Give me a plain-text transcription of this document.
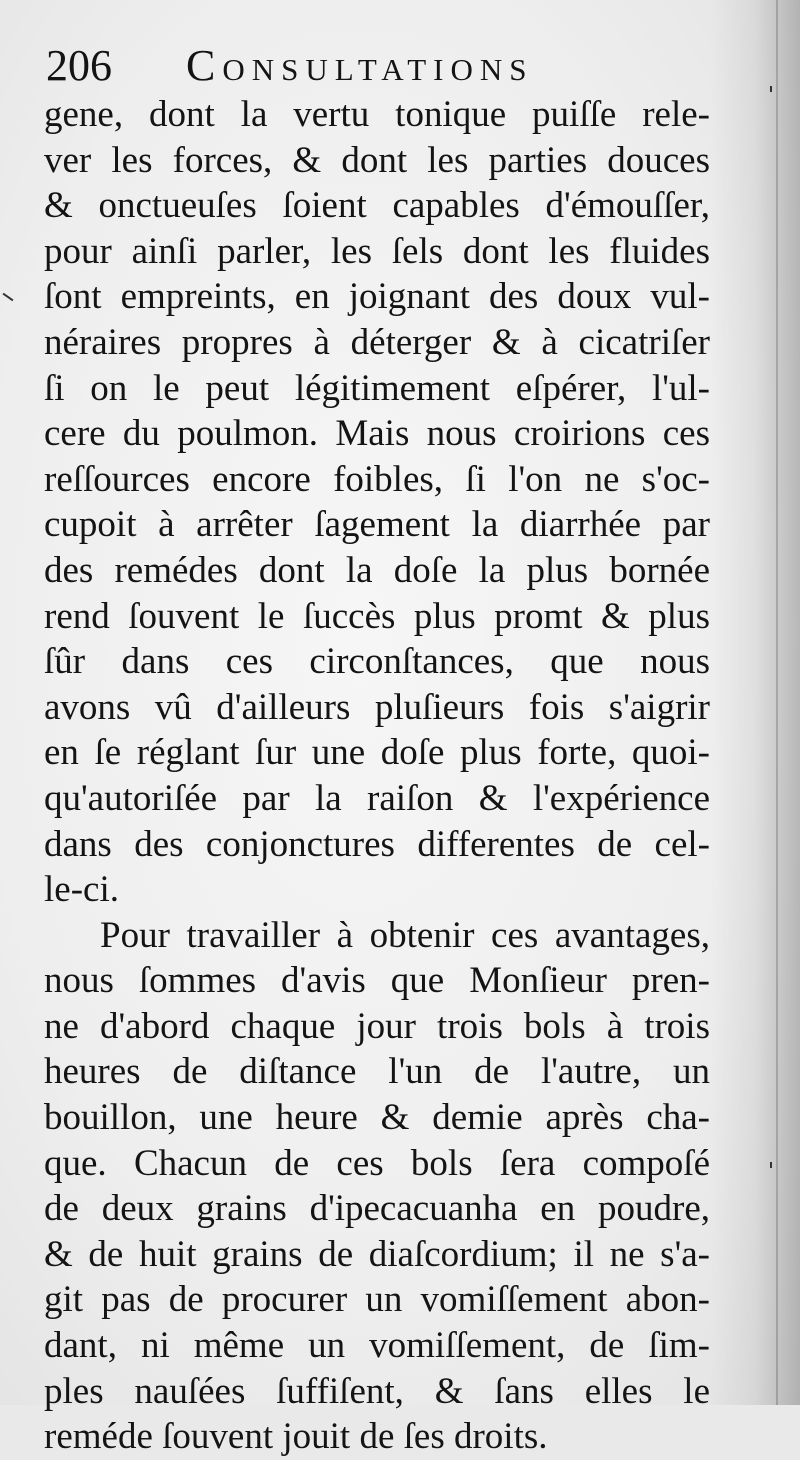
206 Consultations
gene, dont la vertu tonique puiſſe rele-
ver les forces, & dont les parties douces
& onctueuſes ſoient capables d'émouſſer,
pour ainſi parler, les ſels dont les fluides
ſont empreints, en joignant des doux vul-
néraires propres à déterger & à cicatriſer
ſi on le peut légitimement eſpérer, l'ul-
cere du poulmon. Mais nous croirions ces
reſſources encore foibles, ſi l'on ne s'oc-
cupoit à arrêter ſagement la diarrhée par
des remédes dont la doſe la plus bornée
rend ſouvent le ſuccès plus promt & plus
ſûr dans ces circonſtances, que nous
avons vû d'ailleurs pluſieurs fois s'aigrir
en ſe réglant ſur une doſe plus forte, quoi-
qu'autoriſée par la raiſon & l'expérience
dans des conjonctures differentes de cel-
le-ci.
Pour travailler à obtenir ces avantages,
nous ſommes d'avis que Monſieur pren-
ne d'abord chaque jour trois bols à trois
heures de diſtance l'un de l'autre, un
bouillon, une heure & demie après cha-
que. Chacun de ces bols ſera compoſé
de deux grains d'ipecacuanha en poudre,
& de huit grains de diaſcordium; il ne s'a-
git pas de procurer un vomiſſement abon-
dant, ni même un vomiſſement, de ſim-
ples nauſées ſuffiſent, & ſans elles le
reméde ſouvent jouit de ſes droits.
